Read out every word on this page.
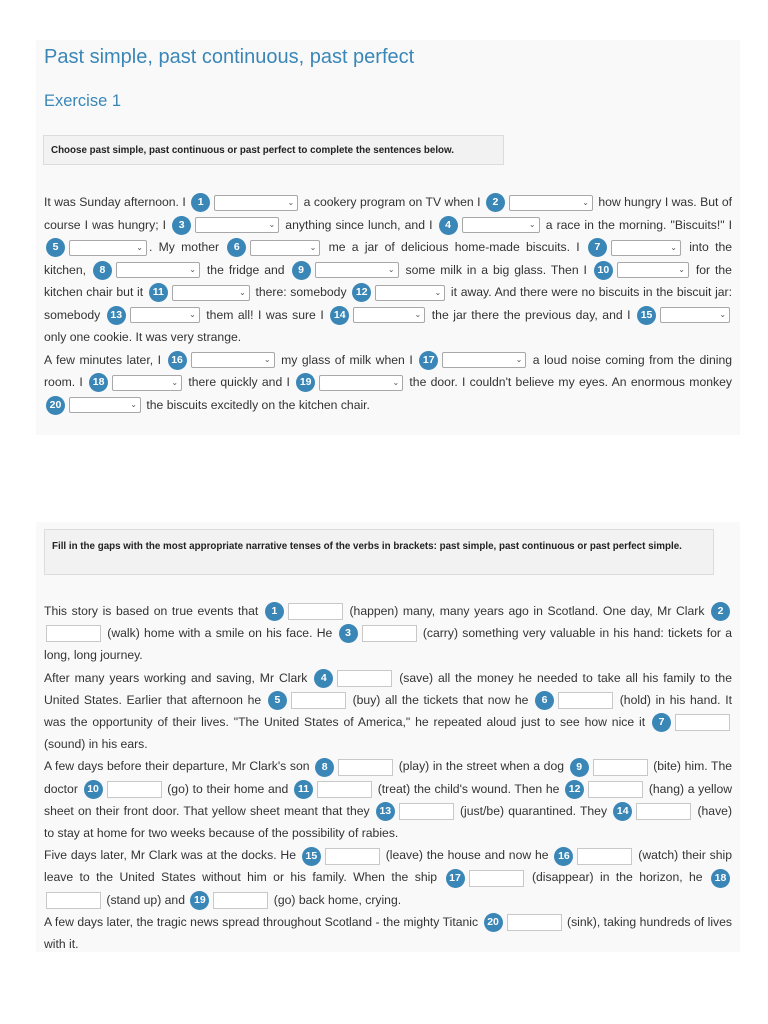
Past simple, past continuous, past perfect
Exercise 1
Choose past simple, past continuous or past perfect to complete the sentences below.
It was Sunday afternoon. I 1	⌄ a cookery program on TV when I 2	⌄ how hungry I was. But of course I was hungry; I 3	⌄ anything since lunch, and I 4	⌄ a race in the morning. "Biscuits!" I 5	⌄ . My mother 6	⌄ me a jar of delicious home-made biscuits. I 7	⌄ into the kitchen, 8	⌄ the fridge and 9	⌄ some milk in a big glass. Then I 10	⌄ for the kitchen chair but it 11	⌄ there: somebody 12	⌄ it away. And there were no biscuits in the biscuit jar: somebody 13	⌄ them all! I was sure I 14	⌄ the jar there the previous day, and I 15	⌄
only one cookie. It was very strange.
A few minutes later, I 16	⌄ my glass of milk when I 17	⌄ a loud noise coming from the dining room. I 18	⌄ there quickly and I 19	⌄ the door. I couldn't believe my eyes. An enormous monkey 20	⌄ the biscuits excitedly on the kitchen chair.
Fill in the gaps with the most appropriate narrative tenses of the verbs in brackets: past simple, past continuous or past perfect simple.
This story is based on true events that 1	(happen) many, many years ago in Scotland. One day, Mr Clark 2 (walk) home with a smile on his face. He 3	(carry) something very valuable in his hand: tickets for a long, long journey.
After many years working and saving, Mr Clark 4	(save) all the money he needed to take all his family to the United States. Earlier that afternoon he 5	(buy) all the tickets that now he 6	(hold) in his hand. It was the opportunity of their lives. "The United States of America," he repeated aloud just to see how nice it 7 (sound) in his ears.
A few days before their departure, Mr Clark's son 8	(play) in the street when a dog 9	(bite) him. The doctor 10	(go) to their home and 11	(treat) the child's wound. Then he 12	(hang) a yellow sheet on their front door. That yellow sheet meant that they 13	(just/be) quarantined. They 14	(have) to stay at home for two weeks because of the possibility of rabies.
Five days later, Mr Clark was at the docks. He 15	(leave) the house and now he 16	(watch) their ship leave to the United States without him or his family. When the ship 17	(disappear) in the horizon, he 18 (stand up) and 19	(go) back home, crying.
A few days later, the tragic news spread throughout Scotland - the mighty Titanic 20	(sink), taking hundreds of lives with it.
